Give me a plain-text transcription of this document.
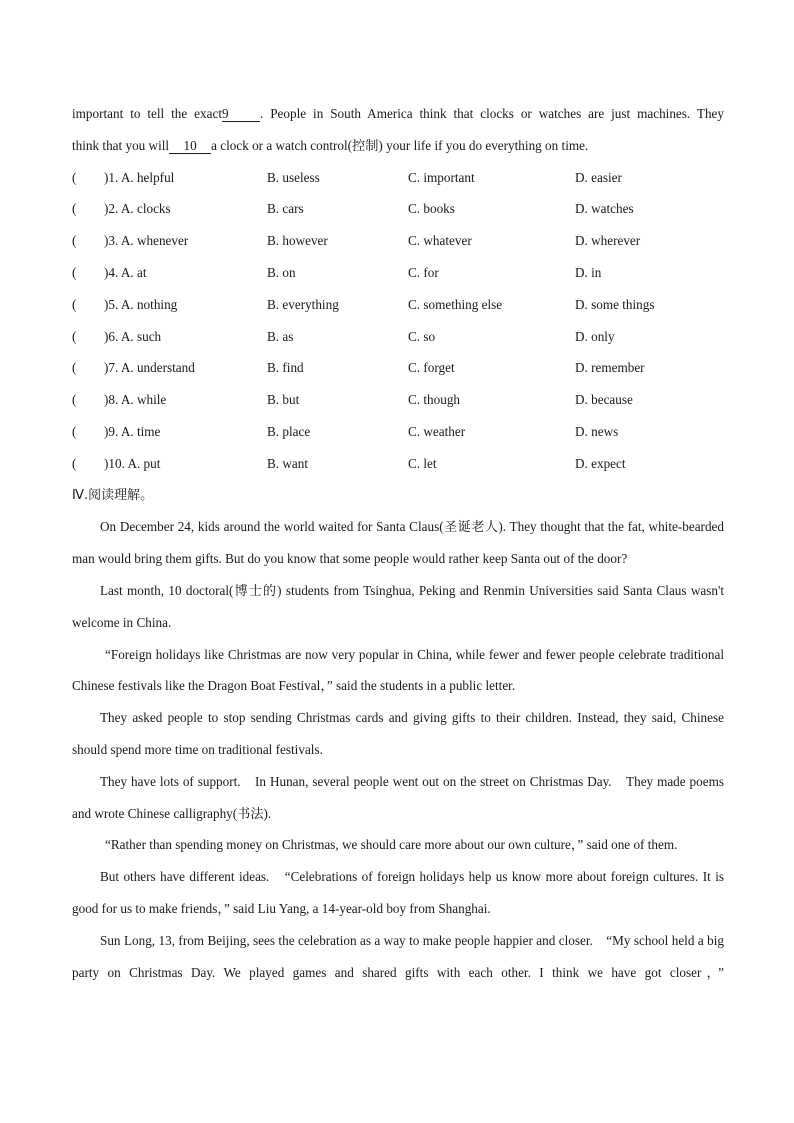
important to tell the exact9 . People in South America think that clocks or watches are just machines. They
think that you will 10 a clock or a watch control(控制) your life if you do everything on time.
( )1. A. helpful	B. useless	C. important	D. easier
( )2. A. clocks	B. cars	C. books	D. watches
( )3. A. whenever	B. however	C. whatever	D. wherever
( )4. A. at	B. on	C. for	D. in
( )5. A. nothing	B. everything	C. something else	D. some things
( )6. A. such	B. as	C. so	D. only
( )7. A. understand	B. find	C. forget	D. remember
( )8. A. while	B. but	C. though	D. because
( )9. A. time	B. place	C. weather	D. news
( )10. A. put	B. want	C. let	D. expect
Ⅳ.阅读理解。

On December 24, kids around the world waited for Santa Claus(圣诞老人). They thought that the fat, white-bearded man would bring them gifts. But do you know that some people would rather keep Santa out of the door?

Last month, 10 doctoral(博士的) students from Tsinghua, Peking and Renmin Universities said Santa Claus wasn't welcome in China.

“Foreign holidays like Christmas are now very popular in China, while fewer and fewer people celebrate traditional Chinese festivals like the Dragon Boat Festival，” said the students in a public letter.

They asked people to stop sending Christmas cards and giving gifts to their children. Instead, they said, Chinese should spend more time on traditional festivals.

They have lots of support.　In Hunan, several people went out on the street on Christmas Day.　They made poems and wrote Chinese calligraphy(书法).

“Rather than spending money on Christmas, we should care more about our own culture，” said one of them.

But others have different ideas.　“Celebrations of foreign holidays help us know more about foreign cultures. It is good for us to make friends，” said Liu Yang, a 14-year-old boy from Shanghai.

Sun Long, 13, from Beijing, sees the celebration as a way to make people happier and closer.　“My school held a big party on Christmas Day. We played games and shared gifts with each other. I think we have got closer，”
